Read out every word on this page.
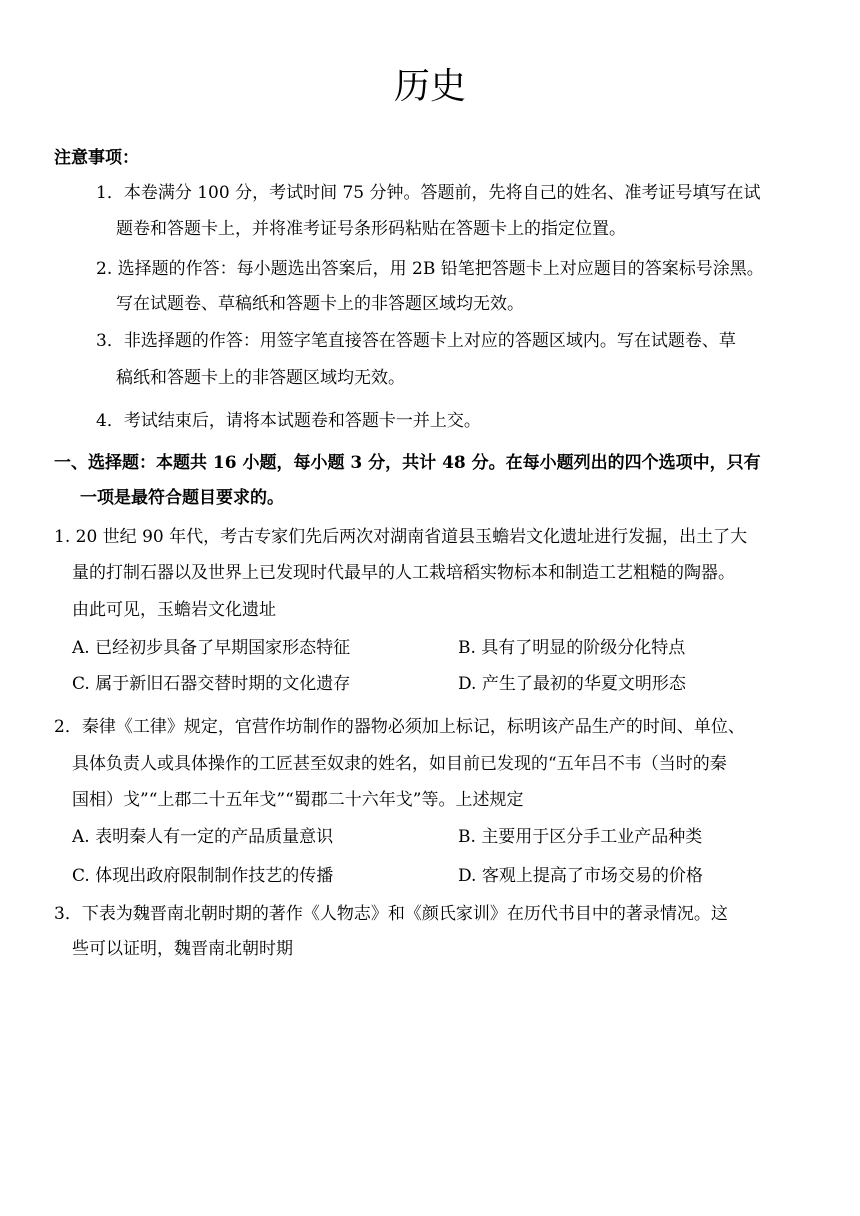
历史
注意事项：
1．本卷满分 100 分，考试时间 75 分钟。答题前，先将自己的姓名、准考证号填写在试
题卷和答题卡上，并将准考证号条形码粘贴在答题卡上的指定位置。
2. 选择题的作答：每小题选出答案后，用 2B 铅笔把答题卡上对应题目的答案标号涂黑。
写在试题卷、草稿纸和答题卡上的非答题区域均无效。
3．非选择题的作答：用签字笔直接答在答题卡上对应的答题区域内。写在试题卷、草
稿纸和答题卡上的非答题区域均无效。
4．考试结束后，请将本试题卷和答题卡一并上交。
一、选择题：本题共 16 小题，每小题 3 分，共计 48 分。在每小题列出的四个选项中，只有
一项是最符合题目要求的。
1. 20 世纪 90 年代，考古专家们先后两次对湖南省道县玉蟾岩文化遗址进行发掘，出土了大
量的打制石器以及世界上已发现时代最早的人工栽培稻实物标本和制造工艺粗糙的陶器。
由此可见，玉蟾岩文化遗址
A. 已经初步具备了早期国家形态特征	B. 具有了明显的阶级分化特点
C. 属于新旧石器交替时期的文化遗存	D. 产生了最初的华夏文明形态
2．秦律《工律》规定，官营作坊制作的器物必须加上标记，标明该产品生产的时间、单位、
具体负责人或具体操作的工匠甚至奴隶的姓名，如目前已发现的“五年吕不韦（当时的秦
国相）戈”“上郡二十五年戈”“蜀郡二十六年戈”等。上述规定
A. 表明秦人有一定的产品质量意识	B. 主要用于区分手工业产品种类
C. 体现出政府限制制作技艺的传播	D. 客观上提高了市场交易的价格
3．下表为魏晋南北朝时期的著作《人物志》和《颜氏家训》在历代书目中的著录情况。这
些可以证明，魏晋南北朝时期
